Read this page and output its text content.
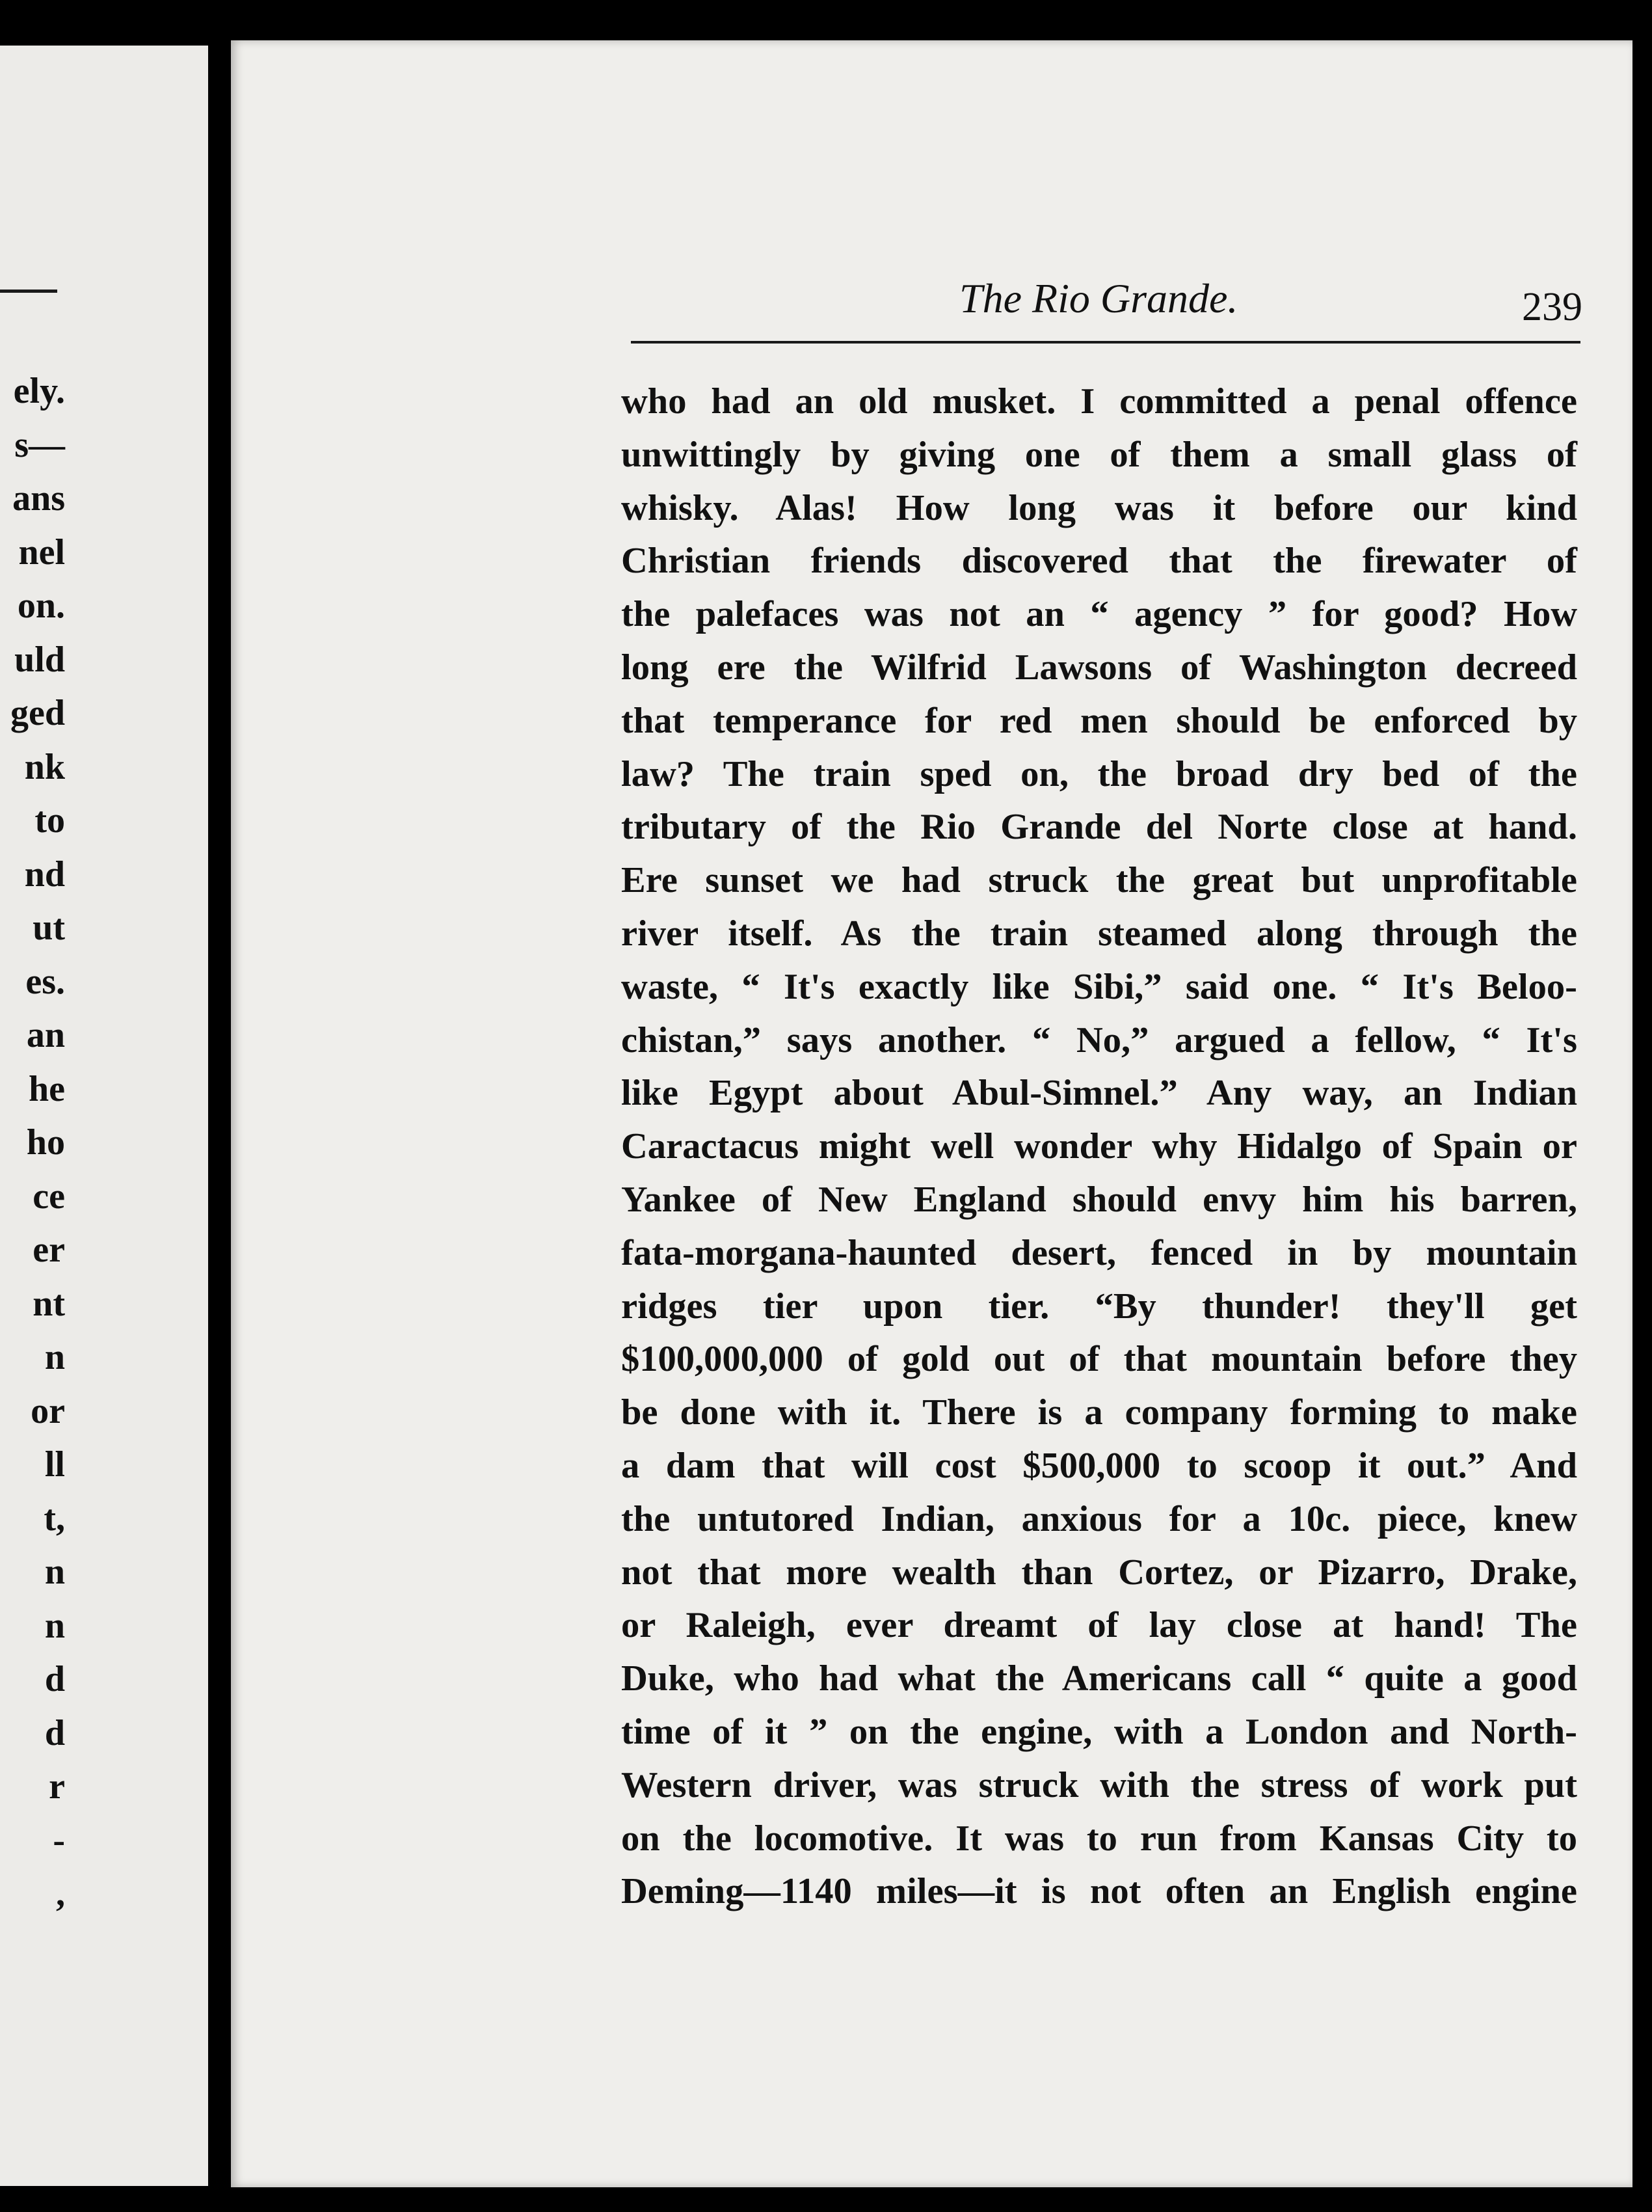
ely.
s—
ans
nel
on.
uld
ged
nk
to
nd
ut
es.
an
he
ho
ce
er
nt
n
or
ll
t,
n
n
d
d
r
-
,
The Rio Grande.	239
who had an old musket. I committed a penal offence
unwittingly by giving one of them a small glass of
whisky. Alas! How long was it before our kind
Christian friends discovered that the firewater of
the palefaces was not an “ agency ” for good? How
long ere the Wilfrid Lawsons of Washington decreed
that temperance for red men should be enforced by
law? The train sped on, the broad dry bed of the
tributary of the Rio Grande del Norte close at hand.
Ere sunset we had struck the great but unprofitable
river itself. As the train steamed along through the
waste, “ It's exactly like Sibi,” said one. “ It's Beloo-
chistan,” says another. “ No,” argued a fellow, “ It's
like Egypt about Abul-Simnel.” Any way, an Indian
Caractacus might well wonder why Hidalgo of Spain or
Yankee of New England should envy him his barren,
fata-morgana-haunted desert, fenced in by mountain
ridges tier upon tier. “By thunder! they'll get
$100,000,000 of gold out of that mountain before they
be done with it. There is a company forming to make
a dam that will cost $500,000 to scoop it out.” And
the untutored Indian, anxious for a 10c. piece, knew
not that more wealth than Cortez, or Pizarro, Drake,
or Raleigh, ever dreamt of lay close at hand! The
Duke, who had what the Americans call “ quite a good
time of it ” on the engine, with a London and North-
Western driver, was struck with the stress of work put
on the locomotive. It was to run from Kansas City to
Deming—1140 miles—it is not often an English engine
